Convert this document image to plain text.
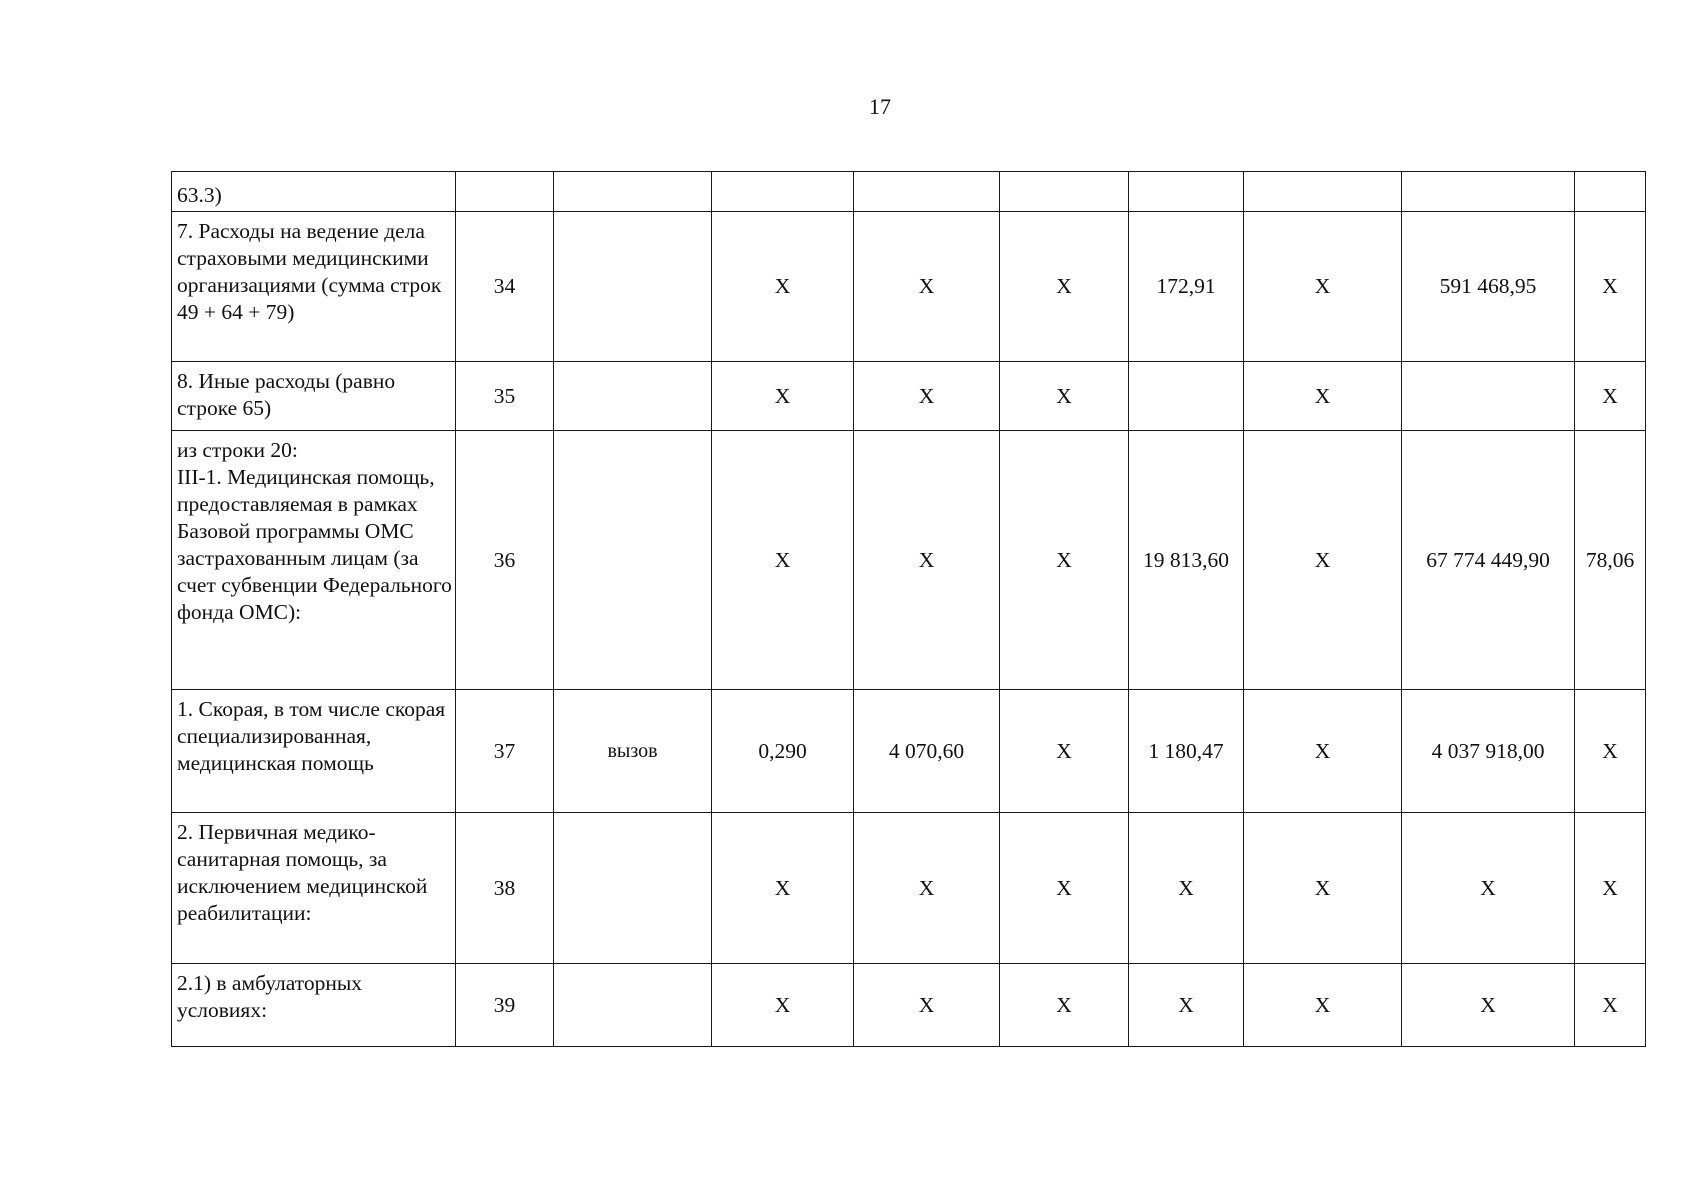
17
63.3)									
7. Расходы на ведение дела страховыми медицинскими организациями (сумма строк 49 + 64 + 79)	34		X	X	X	172,91	X	591 468,95	X
8. Иные расходы (равно строке 65)	35		X	X	X		X		X
из строки 20:
III-1. Медицинская помощь, предоставляемая в рамках Базовой программы ОМС застрахованным лицам (за счет субвенции Федерального фонда ОМС):	36		X	X	X	19 813,60	X	67 774 449,90	78,06
1. Скорая, в том числе скорая специализированная, медицинская помощь	37	вызов	0,290	4 070,60	X	1 180,47	X	4 037 918,00	X
2. Первичная медико-санитарная помощь, за исключением медицинской реабилитации:	38		X	X	X	X	X	X	X
2.1) в амбулаторных условиях:	39		X	X	X	X	X	X	X
